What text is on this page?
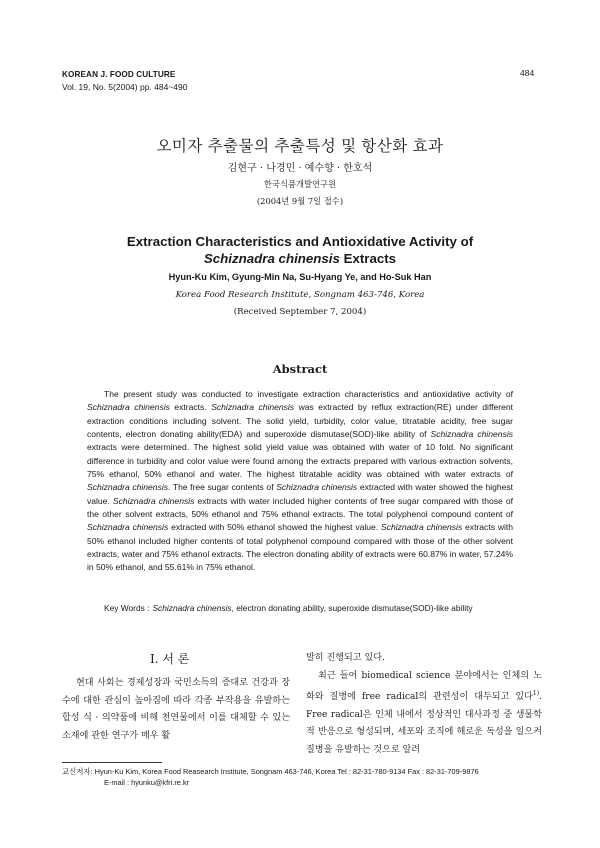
KOREAN J. FOOD CULTURE
Vol. 19, No. 5(2004) pp. 484~490
484
오미자 추출물의 추출특성 및 항산화 효과
김현구 · 나경민 · 예수향 · 한호석
한국식품개발연구원
(2004년 9월 7일 접수)
Extraction Characteristics and Antioxidative Activity of
Schiznadra chinensis Extracts
Hyun-Ku Kim, Gyung-Min Na, Su-Hyang Ye, and Ho-Suk Han
Korea Food Research Institute, Songnam 463-746, Korea
(Received September 7, 2004)
Abstract

The present study was conducted to investigate extraction characteristics and antioxidative activity of Schiznadra chinensis extracts. Schiznadra chinensis was extracted by reflux extraction(RE) under different extraction conditions including solvent. The solid yield, turbidity, color value, titratable acidity, free sugar contents, electron donating ability(EDA) and superoxide dismutase(SOD)-like ability of Schiznadra chinensis extracts were determined. The highest solid yield value was obtained with water of 10 fold. No significant difference in turbidity and color value were found among the extracts prepared with various extraction solvents, 75% ethanol, 50% ethanol and water. The highest titratable acidity was obtained with water extracts of Schiznadra chinensis. The free sugar contents of Schiznadra chinensis extracted with water showed the highest value. Schiznadra chinensis extracts with water included higher contents of free sugar compared with those of the other solvent extracts, 50% ethanol and 75% ethanol extracts. The total polyphenol compound content of Schiznadra chinensis extracted with 50% ethanol showed the highest value. Schiznadra chinensis extracts with 50% ethanol included higher contents of total polyphenol compound compared with those of the other solvent extracts, water and 75% ethanol extracts. The electron donating ability of extracts were 60.87% in water, 57.24% in 50% ethanol, and 55.61% in 75% ethanol.

Key Words : Schiznadra chinensis, electron donating ability, superoxide dismutase(SOD)-like ability
I. 서 론

현대 사회는 경제성장과 국민소득의 증대로 건강과 장수에 대한 관심이 높아짐에 따라 각종 부작용을 유발하는 합성 식 · 의약품에 비해 천연물에서 이를 대체할 수 있는 소재에 관한 연구가 매우 활

발히 진행되고 있다.
최근 들어 biomedical science 분야에서는 인체의 노화와 질병에 free radical의 관련성이 대두되고 있다$^{1)}$. Free radical은 인체 내에서 정상적인 대사과정 중 생물학적 반응으로 형성되며, 세포와 조직에 해로운 독성을 일으켜 질병을 유발하는 것으로 알려
교신저자: Hyun-Ku Kim, Korea Food Reasearch Institute, Songnam 463-746, Korea Tel : 82-31-780-9134 Fax : 82-31-709-9876
E-mail : hyunku@kfri.re.kr
